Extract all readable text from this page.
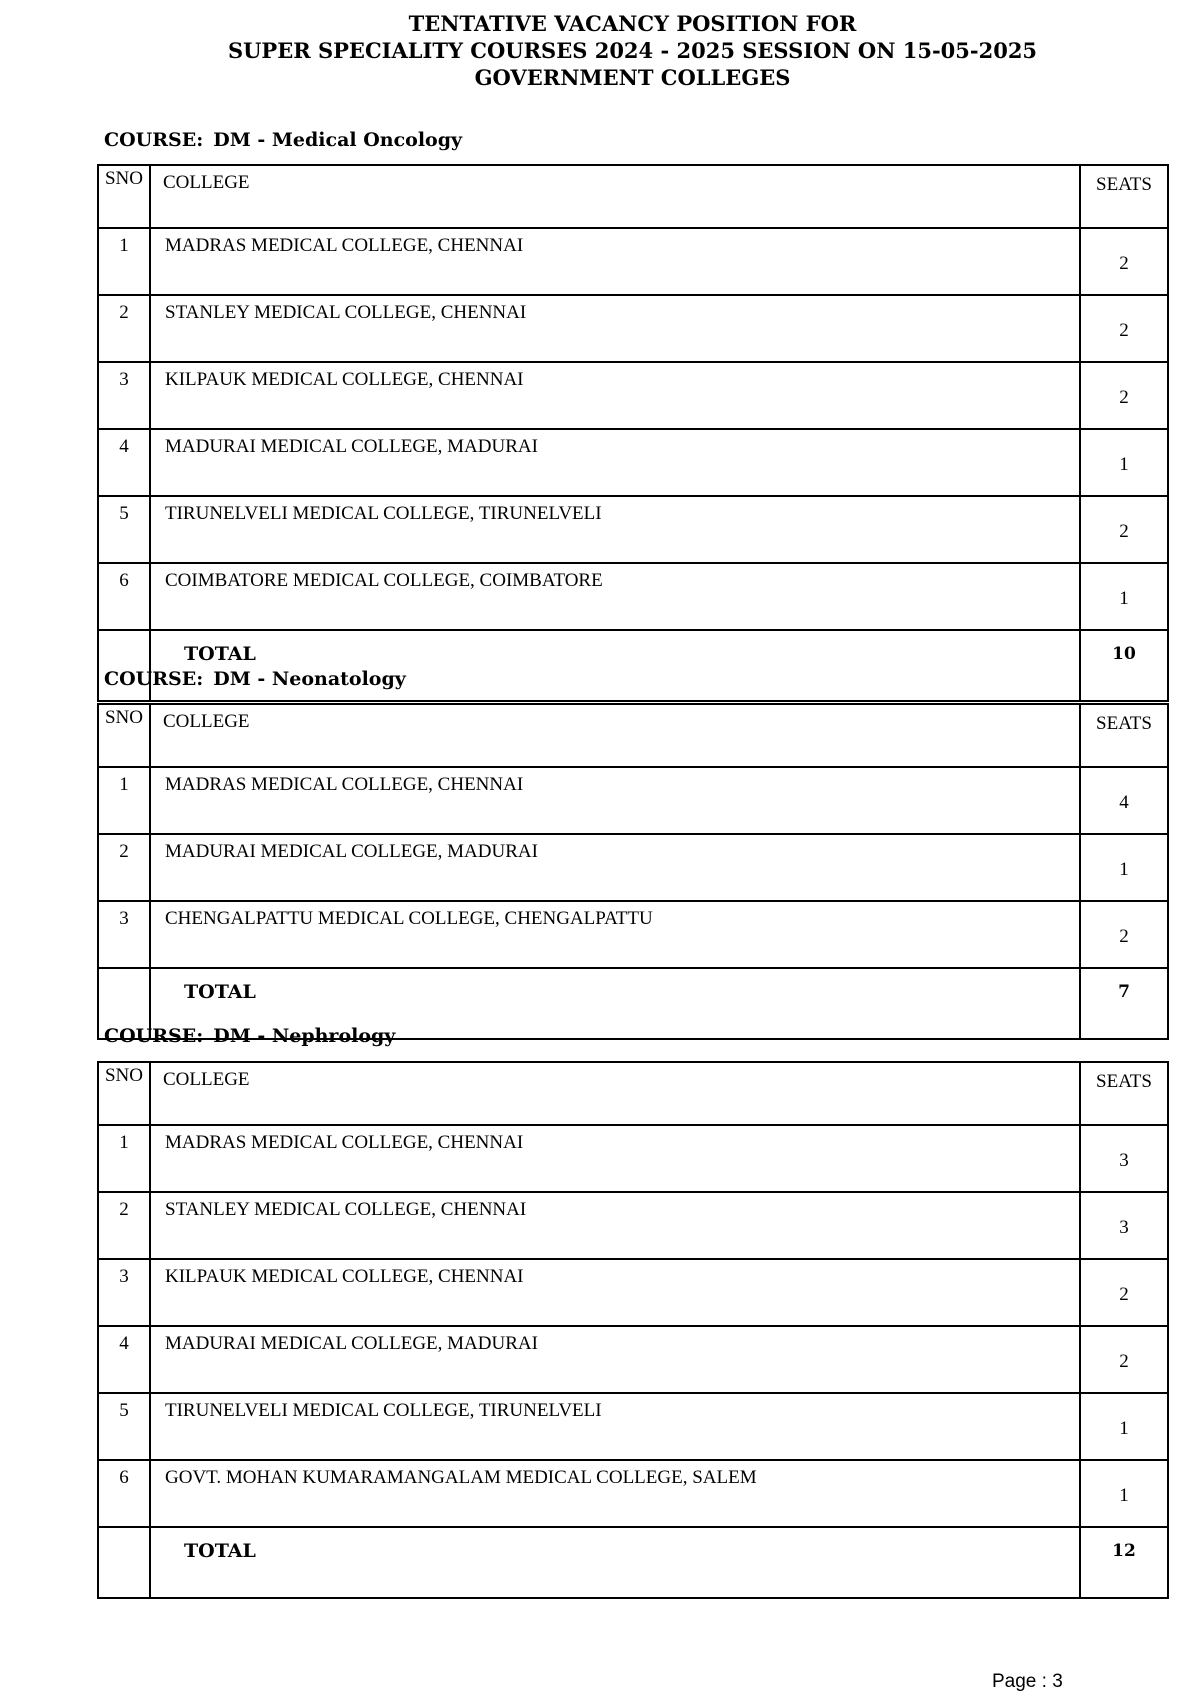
TENTATIVE VACANCY POSITION FOR
SUPER SPECIALITY COURSES 2024 - 2025 SESSION ON 15-05-2025
GOVERNMENT COLLEGES
COURSE: DM - Medical Oncology
SNO	COLLEGE	SEATS
1	MADRAS MEDICAL COLLEGE, CHENNAI	2
2	STANLEY MEDICAL COLLEGE, CHENNAI	2
3	KILPAUK MEDICAL COLLEGE, CHENNAI	2
4	MADURAI MEDICAL COLLEGE, MADURAI	1
5	TIRUNELVELI MEDICAL COLLEGE, TIRUNELVELI	2
6	COIMBATORE MEDICAL COLLEGE, COIMBATORE	1
	TOTAL	10
COURSE: DM - Neonatology
SNO	COLLEGE	SEATS
1	MADRAS MEDICAL COLLEGE, CHENNAI	4
2	MADURAI MEDICAL COLLEGE, MADURAI	1
3	CHENGALPATTU MEDICAL COLLEGE, CHENGALPATTU	2
	TOTAL	7
COURSE: DM - Nephrology
SNO	COLLEGE	SEATS
1	MADRAS MEDICAL COLLEGE, CHENNAI	3
2	STANLEY MEDICAL COLLEGE, CHENNAI	3
3	KILPAUK MEDICAL COLLEGE, CHENNAI	2
4	MADURAI MEDICAL COLLEGE, MADURAI	2
5	TIRUNELVELI MEDICAL COLLEGE, TIRUNELVELI	1
6	GOVT. MOHAN KUMARAMANGALAM MEDICAL COLLEGE, SALEM	1
	TOTAL	12
Page : 3
